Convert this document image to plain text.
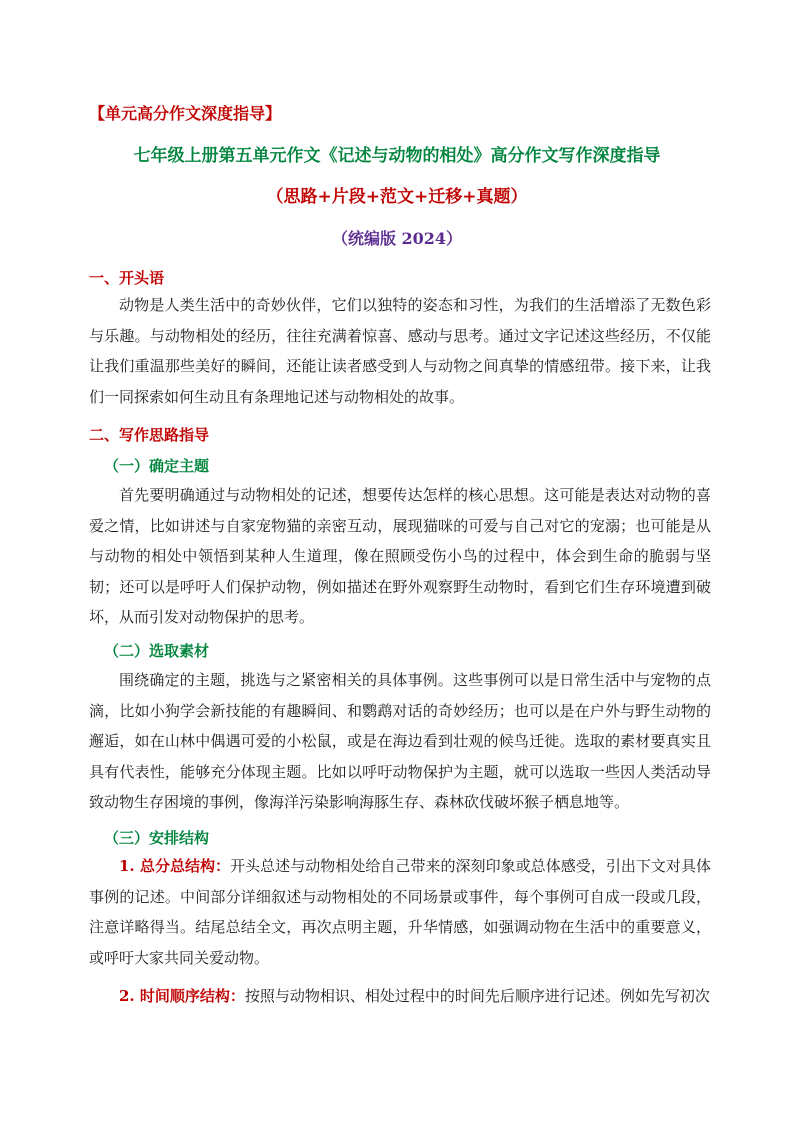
【单元高分作文深度指导】
七年级上册第五单元作文《记述与动物的相处》高分作文写作深度指导
（思路+片段+范文+迁移+真题）
（统编版 2024）
一、开头语
动物是人类生活中的奇妙伙伴，它们以独特的姿态和习性，为我们的生活增添了无数色彩与乐趣。与动物相处的经历，往往充满着惊喜、感动与思考。通过文字记述这些经历，不仅能让我们重温那些美好的瞬间，还能让读者感受到人与动物之间真挚的情感纽带。接下来，让我们一同探索如何生动且有条理地记述与动物相处的故事。
二、写作思路指导
（一）确定主题
首先要明确通过与动物相处的记述，想要传达怎样的核心思想。这可能是表达对动物的喜爱之情，比如讲述与自家宠物猫的亲密互动，展现猫咪的可爱与自己对它的宠溺；也可能是从与动物的相处中领悟到某种人生道理，像在照顾受伤小鸟的过程中，体会到生命的脆弱与坚韧；还可以是呼吁人们保护动物，例如描述在野外观察野生动物时，看到它们生存环境遭到破坏，从而引发对动物保护的思考。
（二）选取素材
围绕确定的主题，挑选与之紧密相关的具体事例。这些事例可以是日常生活中与宠物的点滴，比如小狗学会新技能的有趣瞬间、和鹦鹉对话的奇妙经历；也可以是在户外与野生动物的邂逅，如在山林中偶遇可爱的小松鼠，或是在海边看到壮观的候鸟迁徙。选取的素材要真实且具有代表性，能够充分体现主题。比如以呼吁动物保护为主题，就可以选取一些因人类活动导致动物生存困境的事例，像海洋污染影响海豚生存、森林砍伐破坏猴子栖息地等。
（三）安排结构
1. 总分总结构：开头总述与动物相处给自己带来的深刻印象或总体感受，引出下文对具体事例的记述。中间部分详细叙述与动物相处的不同场景或事件，每个事例可自成一段或几段，注意详略得当。结尾总结全文，再次点明主题，升华情感，如强调动物在生活中的重要意义，或呼吁大家共同关爱动物。
2. 时间顺序结构：按照与动物相识、相处过程中的时间先后顺序进行记述。例如先写初次
